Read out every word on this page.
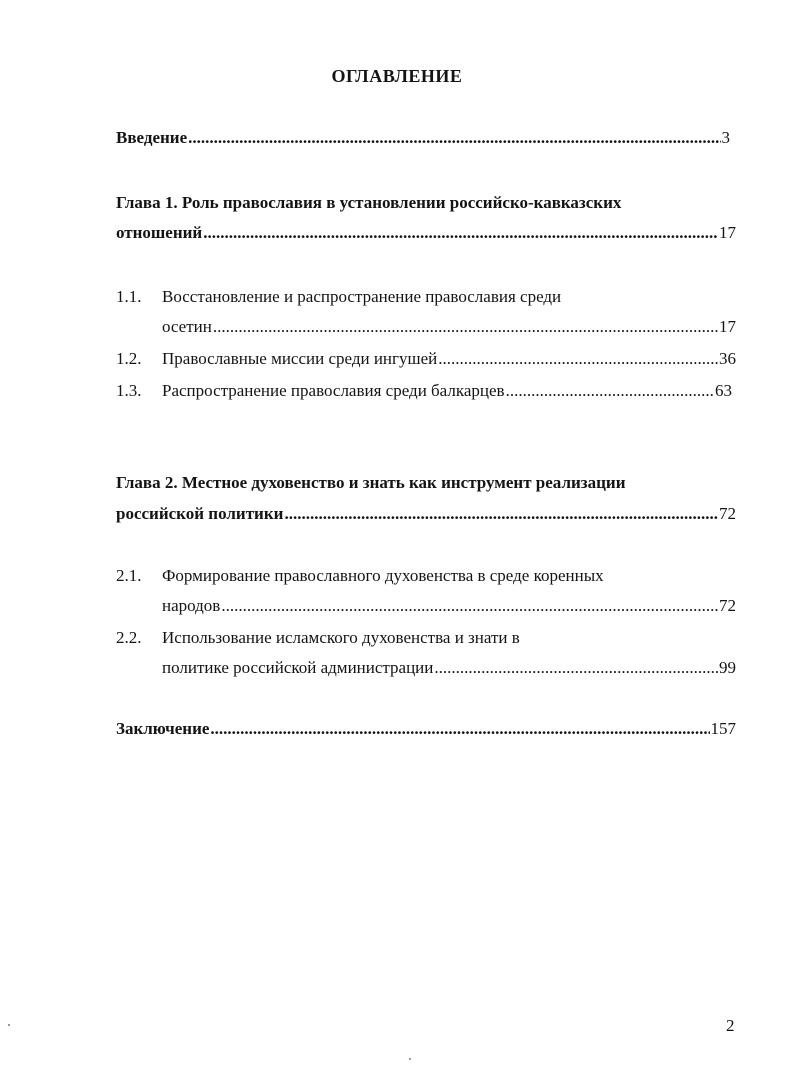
ОГЛАВЛЕНИЕ
Введение .....	3
Глава 1. Роль православия в установлении российско-кавказских
отношений .....	17
1.1. Восстановление и распространение православия среди
осетин .....	17
1.2. Православные миссии среди ингушей .....	36
1.3. Распространение православия среди балкарцев .....	63
Глава 2. Местное духовенство и знать как инструмент реализации
российской политики .....	72
2.1. Формирование православного духовенства в среде коренных
народов .....	72
2.2. Использование исламского духовенства и знати в
политике российской администрации .....	99
Заключение .....	157
2
